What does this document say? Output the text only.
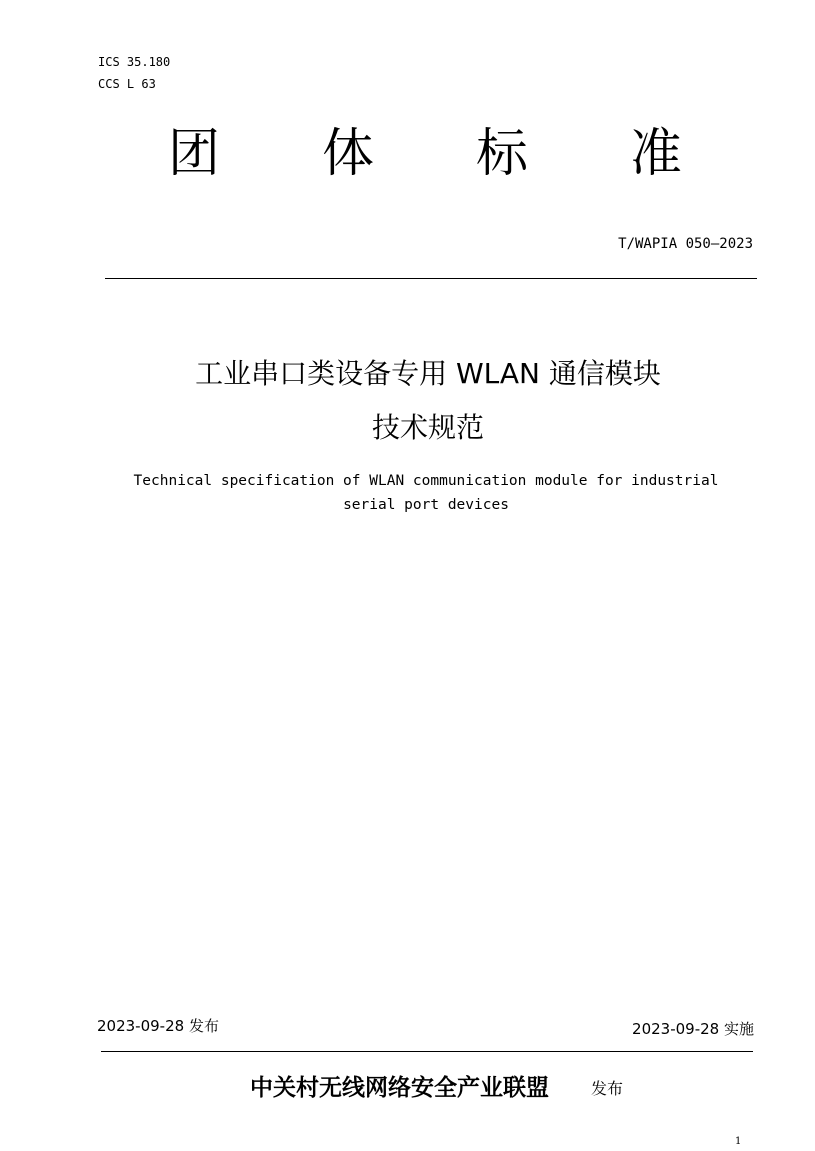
ICS 35.180
CCS L 63
团 体 标 准
T/WAPIA 050—2023
工业串口类设备专用 WLAN 通信模块
技术规范
Technical specification of WLAN communication module for industrial
serial port devices
2023-09-28 发布	2023-09-28 实施
中关村无线网络安全产业联盟	发布
1
